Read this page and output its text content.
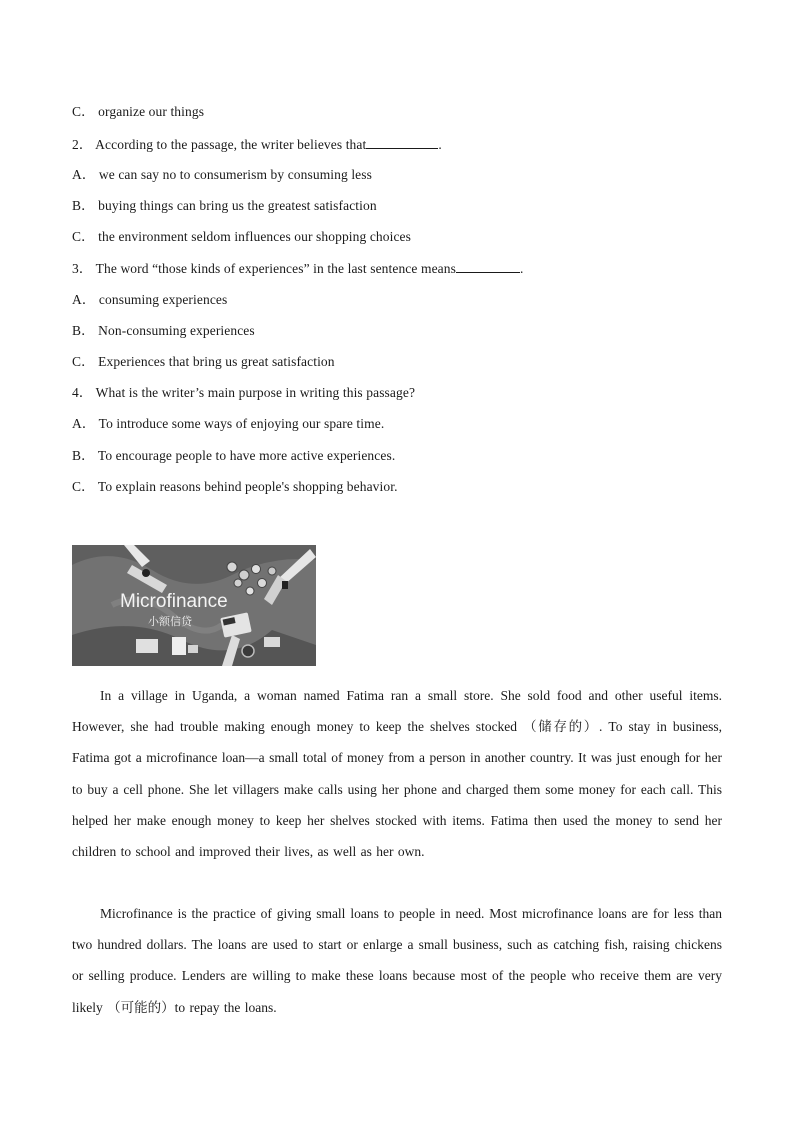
C． organize our things
2． According to the passage, the writer believes that	.
A． we can say no to consumerism by consuming less
B． buying things can bring us the greatest satisfaction
C． the environment seldom influences our shopping choices
3． The word “those kinds of experiences” in the last sentence means	.
A． consuming experiences
B． Non-consuming experiences
C． Experiences that bring us great satisfaction
4． What is the writer’s main purpose in writing this passage?
A． To introduce some ways of enjoying our spare time.
B． To encourage people to have more active experiences.
C． To explain reasons behind people's shopping behavior.
Microfinance
小额信贷
In a village in Uganda, a woman named Fatima ran a small store. She sold food and other useful items. However, she had trouble making enough money to keep the shelves stocked （储存的）. To stay in business, Fatima got a microfinance loan—a small total of money from a person in another country. It was just enough for her to buy a cell phone. She let villagers make calls using her phone and charged them some money for each call. This helped her make enough money to keep her shelves stocked with items. Fatima then used the money to send her children to school and improved their lives, as well as her own.
Microfinance is the practice of giving small loans to people in need. Most microfinance loans are for less than two hundred dollars. The loans are used to start or enlarge a small business, such as catching fish, raising chickens or selling produce. Lenders are willing to make these loans because most of the people who receive them are very likely （可能的）to repay the loans.
